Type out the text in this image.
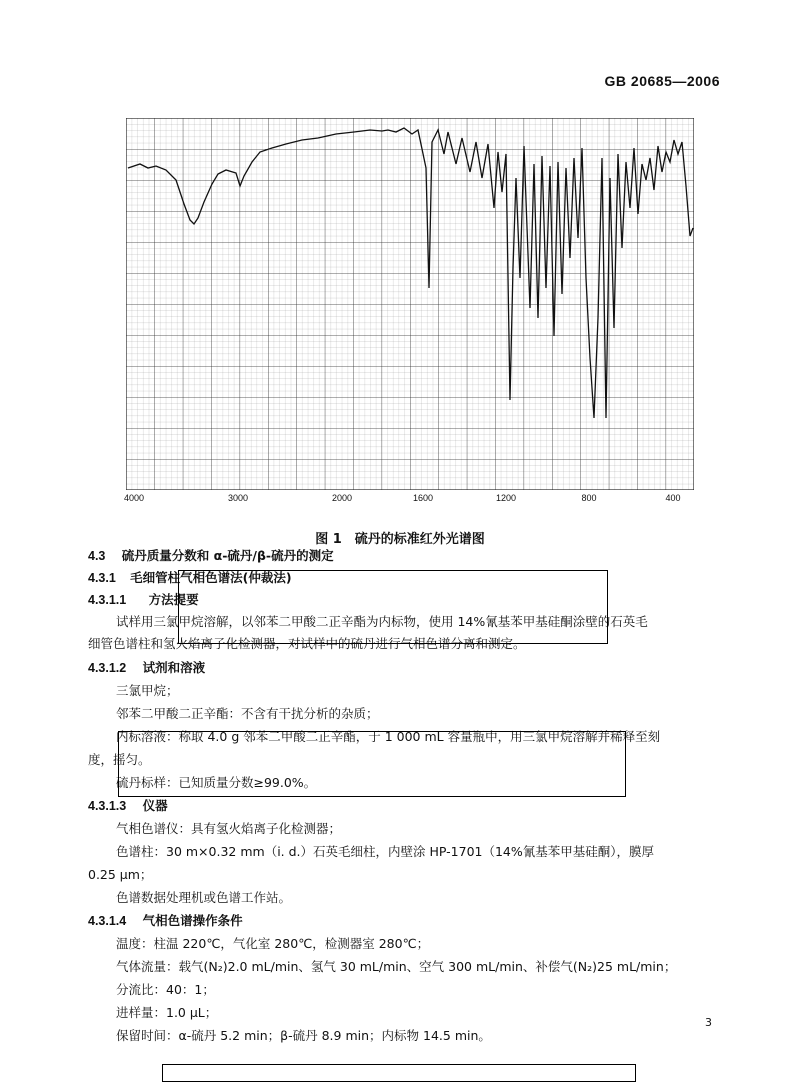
GB 20685—2006
4000	3000	2000	1600	1200	800	400
图 1　硫丹的标准红外光谱图
4.3 硫丹质量分数和 α-硫丹/β-硫丹的测定
4.3.1 毛细管柱气相色谱法(仲裁法)
4.3.1.1 方法提要
试样用三氯甲烷溶解，以邻苯二甲酸二正辛酯为内标物，使用 14%氰基苯甲基硅酮涂壁的石英毛
细管色谱柱和氢火焰离子化检测器，对试样中的硫丹进行气相色谱分离和测定。
4.3.1.2 试剂和溶液
三氯甲烷；
邻苯二甲酸二正辛酯：不含有干扰分析的杂质；
内标溶液：称取 4.0 g 邻苯二甲酸二正辛酯，于 1 000 mL 容量瓶中，用三氯甲烷溶解并稀释至刻
度，摇匀。
硫丹标样：已知质量分数≥99.0%。
4.3.1.3 仪器
气相色谱仪：具有氢火焰离子化检测器；
色谱柱：30 m×0.32 mm（i. d.）石英毛细柱，内壁涂 HP-1701（14%氰基苯甲基硅酮），膜厚
0.25 μm；
色谱数据处理机或色谱工作站。
4.3.1.4 气相色谱操作条件
温度：柱温 220℃，气化室 280℃，检测器室 280℃；
气体流量：载气(N₂)2.0 mL/min、氢气 30 mL/min、空气 300 mL/min、补偿气(N₂)25 mL/min；
分流比：40：1；
进样量：1.0 μL；
保留时间：α-硫丹 5.2 min；β-硫丹 8.9 min；内标物 14.5 min。
3
